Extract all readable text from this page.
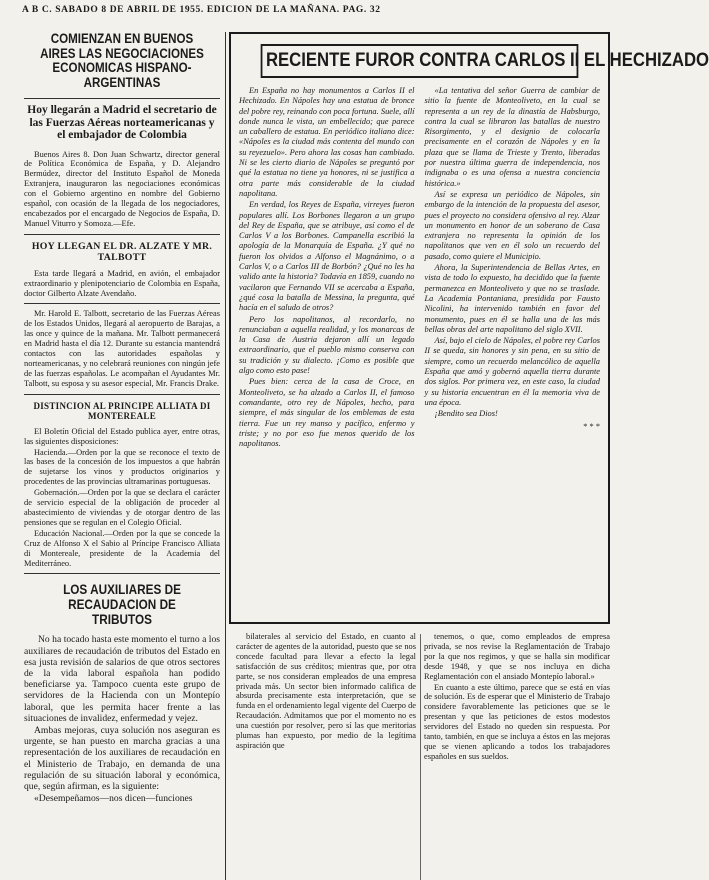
A B C. SABADO 8 DE ABRIL DE 1955. EDICION DE LA MAÑANA. PAG. 32
COMIENZAN EN BUENOS AIRES LAS NEGOCIACIONES ECONOMICAS HISPANO-ARGENTINAS
Hoy llegarán a Madrid el secretario de las Fuerzas Aéreas norteamericanas y el embajador de Colombia

Buenos Aires 8. Don Juan Schwartz, director general de Política Económica de España, y D. Alejandro Bermúdez, director del Instituto Español de Moneda Extranjera, inauguraron las negociaciones económicas con el Gobierno argentino en nombre del Gobierno español, con ocasión de la llegada de los negociadores, encabezados por el encargado de Negocios de España, D. Manuel Viturro y Somoza.—Efe.

HOY LLEGAN EL DR. ALZATE Y MR. TALBOTT

Esta tarde llegará a Madrid, en avión, el embajador extraordinario y plenipotenciario de Colombia en España, doctor Gilberto Alzate Avendaño.

Mr. Harold E. Talbott, secretario de las Fuerzas Aéreas de los Estados Unidos, llegará al aeropuerto de Barajas, a las once y quince de la mañana. Mr. Talbott permanecerá en Madrid hasta el día 12. Durante su estancia mantendrá contactos con las autoridades españolas y norteamericanas, y no celebrará reuniones con ningún jefe de las fuerzas españolas. Le acompañan el Ayudantes Mr. Talbott, su esposa y su asesor especial, Mr. Francis Drake.

DISTINCION AL PRINCIPE ALLIATA DI MONTEREALE

El Boletín Oficial del Estado publica ayer, entre otras, las siguientes disposiciones:

Hacienda.—Orden por la que se reconoce el texto de las bases de la concesión de los impuestos a que habrán de sujetarse los vinos y productos originarios y procedentes de las provincias ultramarinas portuguesas.

Gobernación.—Orden por la que se declara el carácter de servicio especial de la obligación de proceder al abastecimiento de viviendas y de otorgar dentro de las pensiones que se regulan en el Colegio Oficial.

Educación Nacional.—Orden por la que se concede la Cruz de Alfonso X el Sabio al Príncipe Francisco Alliata di Montereale, presidente de la Academia del Mediterráneo.

LOS AUXILIARES DE RECAUDACION DE TRIBUTOS

No ha tocado hasta este momento el turno a los auxiliares de recaudación de tributos del Estado en esa justa revisión de salarios de que otros sectores de la vida laboral española han podido beneficiarse ya. Tampoco cuenta este grupo de servidores de la Hacienda con un Montepío laboral, que les permita hacer frente a las situaciones de invalidez, enfermedad y vejez.

Ambas mejoras, cuya solución nos aseguran es urgente, se han puesto en marcha gracias a una representación de los auxiliares de recaudación en el Ministerio de Trabajo, en demanda de una regulación de su situación laboral y económica, que, según afirman, es la siguiente:

«Desempeñamos—nos dicen—funciones

RECIENTE FUROR CONTRA CARLOS II EL HECHIZADO

En España no hay monumentos a Carlos II el Hechizado. En Nápoles hay una estatua de bronce del pobre rey, reinando con poca fortuna. Suele, allí donde nunca le vista, un embellecido; que parece un caballero de estatua. En periódico italiano dice: «Nápoles es la ciudad más contenta del mundo con su reyezuelo». Pero ahora las cosas han cambiado. Ni se les cierto diario de Nápoles se preguntó por qué la estatua no tiene ya honores, ni se justifica a otra parte más considerable de la ciudad napolitana.

En verdad, los Reyes de España, virreyes fueron populares allí. Los Borbones llegaron a un grupo del Rey de España, que se atribuye, así como el de Carlos V a los Borbones. Campanella escribió la apología de la Monarquía de España. ¿Y qué no fueron los olvidos a Alfonso el Magnánimo, o a Carlos V, o a Carlos III de Borbón? ¿Qué no les ha valido ante la historia? Todavía en 1859, cuando no vacilaron que Fernando VII se acercaba a España, ¿qué cosa la batalla de Messina, la pregunta, qué hacía en el saludo de otros?

Pero los napolitanos, al recordarlo, no renunciaban a aquella realidad, y los monarcas de la Casa de Austria dejaron allí un legado extraordinario, que el pueblo mismo conserva con su tradición y su dialecto. ¡Como es posible que algo como esto pase!

Pues bien: cerca de la casa de Croce, en Monteoliveto, se ha alzado a Carlos II, el famoso comandante, otro rey de Nápoles, hecho, para siempre, el más singular de los emblemas de esta tierra. Fue un rey manso y pacífico, enfermo y triste; y no por eso fue menos querido de los napolitanos.

«La tentativa del señor Guerra de cambiar de sitio la fuente de Monteoliveto, en la cual se representa a un rey de la dinastía de Habsburgo, contra la cual se libraron las batallas de nuestro Risorgimento, y el designio de colocarla precisamente en el corazón de Nápoles y en la plaza que se llama de Trieste y Trento, liberadas por nuestra última guerra de independencia, nos indignaba o es una ofensa a nuestra conciencia histórica.»

Así se expresa un periódico de Nápoles, sin embargo de la intención de la propuesta del asesor, pues el proyecto no considera ofensivo al rey. Alzar un monumento en honor de un soberano de Casa extranjera no representa la opinión de los napolitanos que ven en él solo un recuerdo del pasado, como quiere el Municipio.

Ahora, la Superintendencia de Bellas Artes, en vista de todo lo expuesto, ha decidido que la fuente permanezca en Monteoliveto y que no se traslade. La Academia Pontaniana, presidida por Fausto Nicolini, ha intervenido también en favor del monumento, pues en él se halla una de las más bellas obras del arte napolitano del siglo XVII.

Así, bajo el cielo de Nápoles, el pobre rey Carlos II se queda, sin honores y sin pena, en su sitio de siempre, como un recuerdo melancólico de aquella España que amó y gobernó aquella tierra durante dos siglos. Por primera vez, en este caso, la ciudad y su historia encuentran en él la memoria viva de una época.

¡Bendito sea Dios!

* * *

bilaterales al servicio del Estado, en cuanto al carácter de agentes de la autoridad, puesto que se nos concede facultad para llevar a efecto la legal satisfacción de sus créditos; mientras que, por otra parte, se nos consideran empleados de una empresa privada más. Un sector bien informado califica de absurda precisamente esta interpretación, que se funda en el ordenamiento legal vigente del Cuerpo de Recaudación. Admitamos que por el momento no es una cuestión por resolver, pero sí las que meritorias plumas han expuesto, por medio de la legítima aspiración que

tenemos, o que, como empleados de empresa privada, se nos revise la Reglamentación de Trabajo por la que nos regimos, y que se halla sin modificar desde 1948, y que se nos incluya en dicha Reglamentación con el ansiado Montepío laboral.»

En cuanto a este último, parece que se está en vías de solución. Es de esperar que el Ministerio de Trabajo considere favorablemente las peticiones que se le presentan y que las peticiones de estos modestos servidores del Estado no queden sin respuesta. Por tanto, también, en que se incluya a éstos en las mejoras que se vienen aplicando a todos los trabajadores españoles en sus sueldos.
